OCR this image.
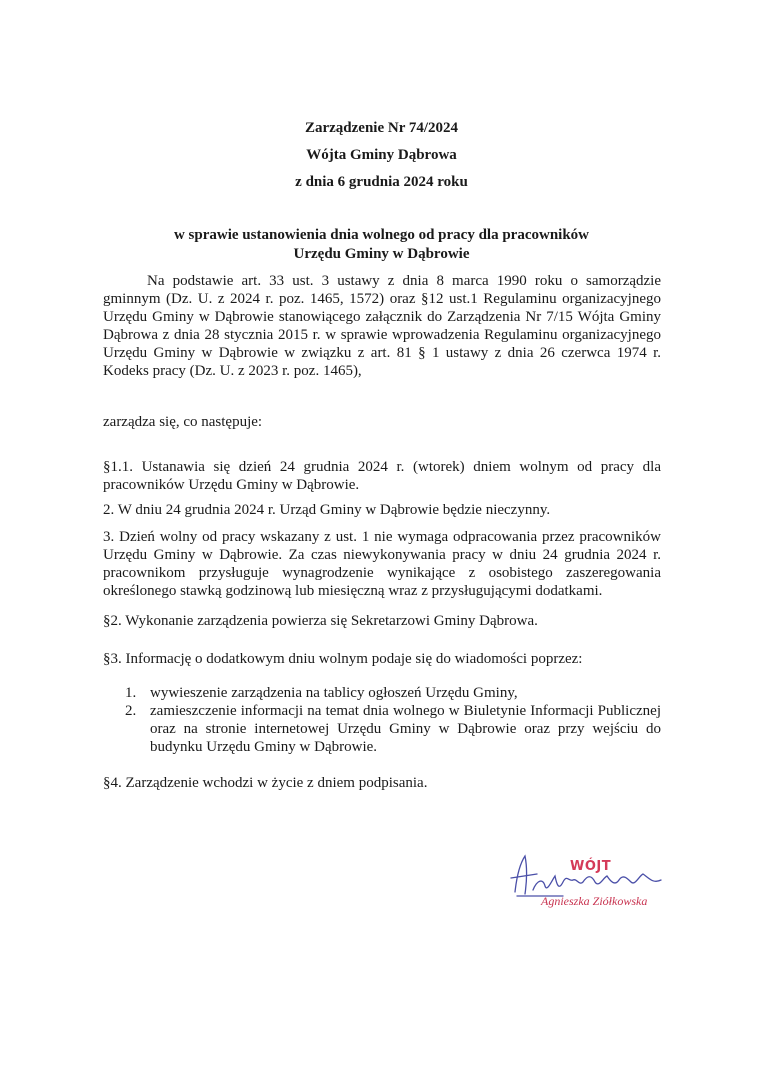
Zarządzenie Nr 74/2024
Wójta Gminy Dąbrowa
z dnia 6 grudnia 2024 roku
w sprawie ustanowienia dnia wolnego od pracy dla pracowników
Urzędu Gminy w Dąbrowie
Na podstawie art. 33 ust. 3 ustawy z dnia 8 marca 1990 roku o samorządzie gminnym (Dz. U. z 2024 r. poz. 1465, 1572) oraz §12 ust.1 Regulaminu organizacyjnego Urzędu Gminy w Dąbrowie stanowiącego załącznik do Zarządzenia Nr 7/15 Wójta Gminy Dąbrowa z dnia 28 stycznia 2015 r. w sprawie wprowadzenia Regulaminu organizacyjnego Urzędu Gminy w Dąbrowie w związku z art. 81 § 1 ustawy z dnia 26 czerwca 1974 r. Kodeks pracy (Dz. U. z 2023 r. poz. 1465),
zarządza się, co następuje:
§1.1. Ustanawia się dzień 24 grudnia 2024 r. (wtorek) dniem wolnym od pracy dla pracowników Urzędu Gminy w Dąbrowie.
2. W dniu 24 grudnia 2024 r. Urząd Gminy w Dąbrowie będzie nieczynny.
3. Dzień wolny od pracy wskazany z ust. 1 nie wymaga odpracowania przez pracowników Urzędu Gminy w Dąbrowie. Za czas niewykonywania pracy w dniu 24 grudnia 2024 r. pracownikom przysługuje wynagrodzenie wynikające z osobistego zaszeregowania określonego stawką godzinową lub miesięczną wraz z przysługującymi dodatkami.
§2. Wykonanie zarządzenia powierza się Sekretarzowi Gminy Dąbrowa.
§3. Informację o dodatkowym dniu wolnym podaje się do wiadomości poprzez:
1. wywieszenie zarządzenia na tablicy ogłoszeń Urzędu Gminy,
2. zamieszczenie informacji na temat dnia wolnego w Biuletynie Informacji Publicznej oraz na stronie internetowej Urzędu Gminy w Dąbrowie oraz przy wejściu do budynku Urzędu Gminy w Dąbrowie.
§4. Zarządzenie wchodzi w życie z dniem podpisania.
WÓJT
Agnieszka Ziółkowska
